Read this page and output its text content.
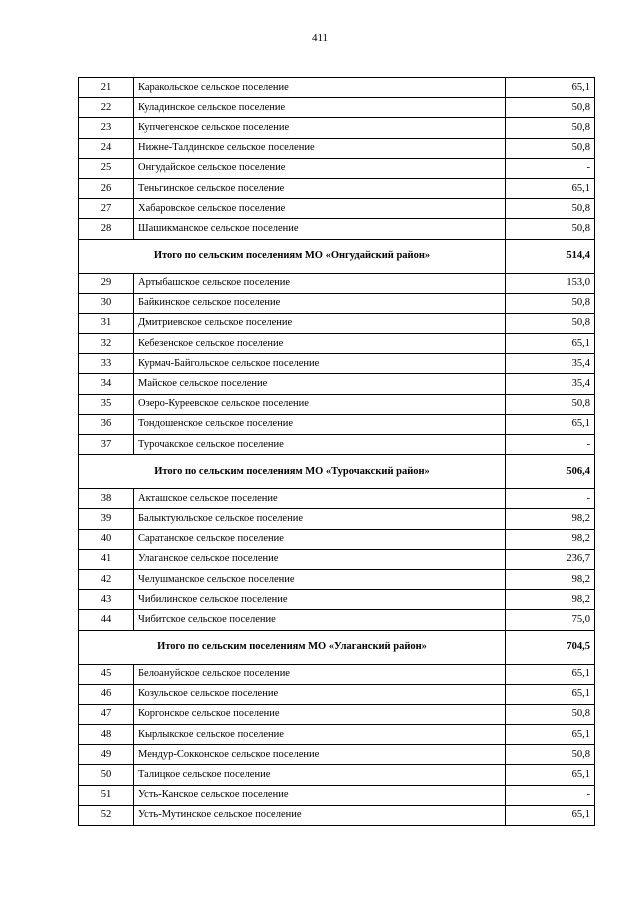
411
21	Каракольское сельское поселение	65,1
22	Куладинское сельское поселение	50,8
23	Купчегенское сельское поселение	50,8
24	Нижне-Талдинское сельское поселение	50,8
25	Онгудайское сельское поселение	-
26	Теньгинское сельское поселение	65,1
27	Хабаровское сельское поселение	50,8
28	Шашикманское сельское поселение	50,8
Итого по сельским поселениям МО «Онгудайский район»		514,4
29	Артыбашское сельское поселение	153,0
30	Байкинское сельское поселение	50,8
31	Дмитриевское сельское поселение	50,8
32	Кебезенское сельское поселение	65,1
33	Курмач-Байгольское сельское поселение	35,4
34	Майское сельское поселение	35,4
35	Озеро-Куреевское сельское поселение	50,8
36	Тондошенское сельское поселение	65,1
37	Турочакское сельское поселение	-
Итого по сельским поселениям МО «Турочакский район»		506,4
38	Акташское сельское поселение	-
39	Балыктуюльское сельское поселение	98,2
40	Саратанское сельское поселение	98,2
41	Улаганское сельское поселение	236,7
42	Челушманское сельское поселение	98,2
43	Чибилинское сельское поселение	98,2
44	Чибитское сельское поселение	75,0
Итого по сельским поселениям МО «Улаганский район»		704,5
45	Белоануйское сельское поселение	65,1
46	Козульское сельское поселение	65,1
47	Коргонское сельское поселение	50,8
48	Кырлыкское сельское поселение	65,1
49	Мендур-Сокконское сельское поселение	50,8
50	Талицкое сельское поселение	65,1
51	Усть-Канское сельское поселение	-
52	Усть-Мутинское сельское поселение	65,1
